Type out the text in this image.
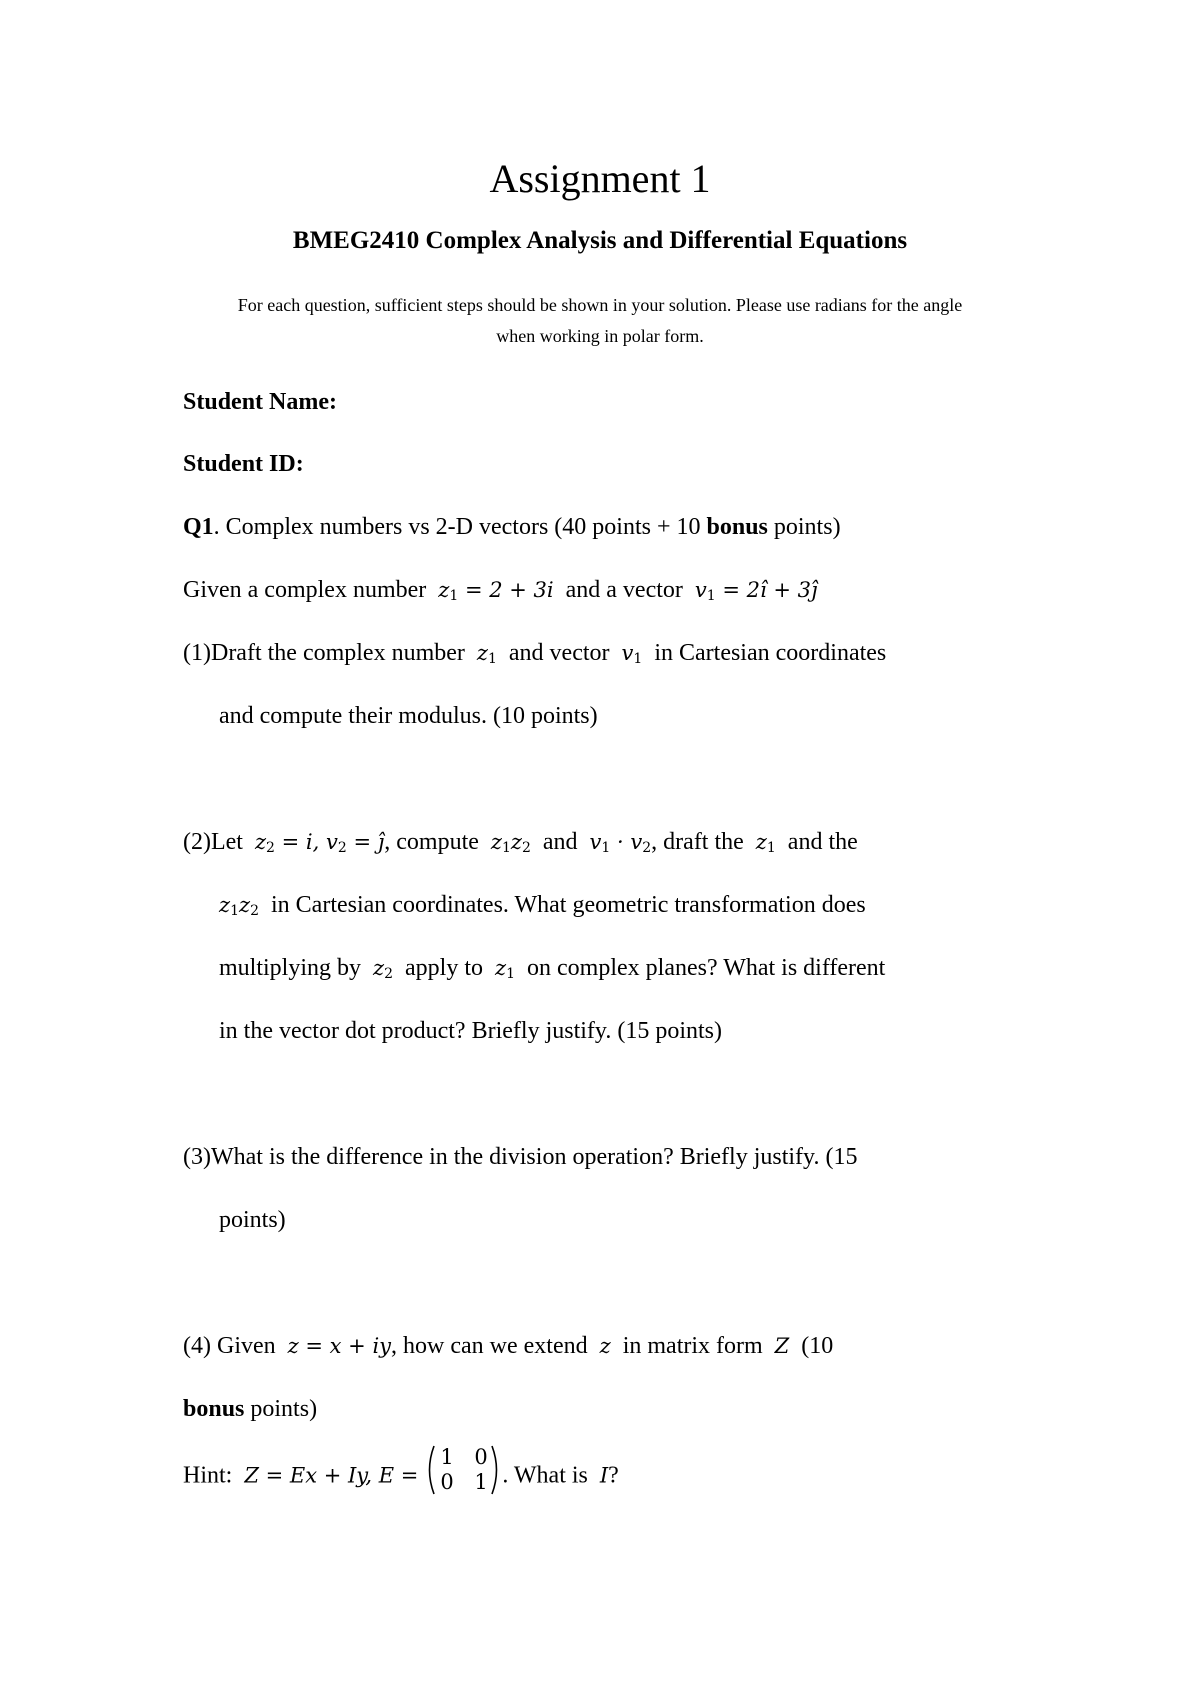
Assignment 1
BMEG2410 Complex Analysis and Differential Equations
For each question, sufficient steps should be shown in your solution. Please use radians for the angle
when working in polar form.
Student Name:
Student ID:
Q1. Complex numbers vs 2-D vectors (40 points + 10 bonus points)
Given a complex number $z_1 = 2 + 3i$ and a vector $v_1$ = 2î + 3ĵ
(1)Draft the complex number $z_1$ and vector $v_1$ in Cartesian coordinates
and compute their modulus. (10 points)
(2)Let $z_2 = i$, $v_2$ = ĵ, compute $z_1z_2$ and $v_1 \cdot v_2$, draft the $z_1$ and the
$z_1z_2$ in Cartesian coordinates. What geometric transformation does
multiplying by $z_2$ apply to $z_1$ on complex planes? What is different
in the vector dot product? Briefly justify. (15 points)
(3)What is the difference in the division operation? Briefly justify. (15
points)
(4) Given z = x + iy, how can we extend z in matrix form Z (10
bonus points)
Hint: Z = Ex + Iy, E =
1 0
0 1 . What is I?
